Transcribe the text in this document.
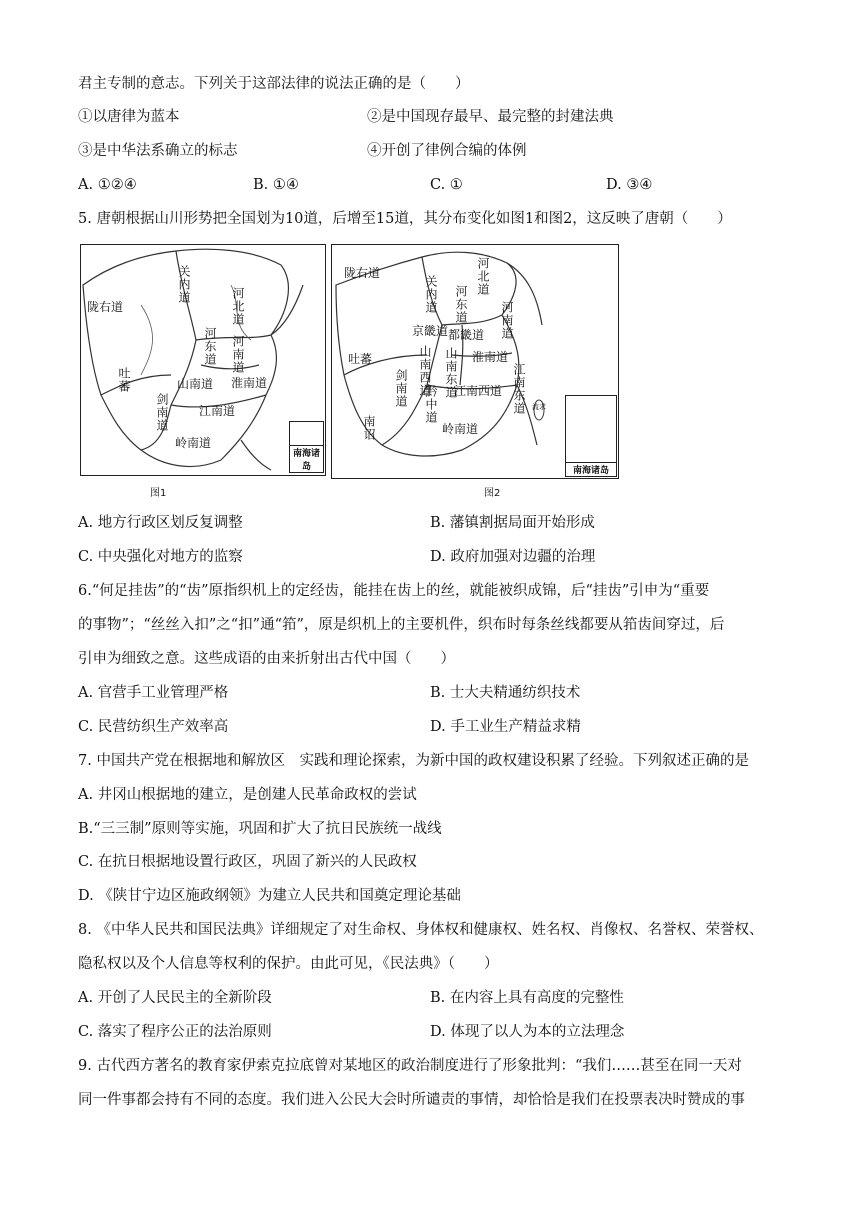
君主专制的意志。下列关于这部法律的说法正确的是（　　）
①以唐律为蓝本	②是中国现存最早、最完整的封建法典
③是中华法系确立的标志	④开创了律例合编的体例
A. ①②④	B. ①④	C. ①	D. ③④
5. 唐朝根据山川形势把全国划为10道，后增至15道，其分布变化如图1和图2，这反映了唐朝（　　）
关内道
陇右道
吐蕃
河北道
河东道 河南道
淮南道
山南道
剑南道	江南道
岭南道
南海诸岛
图1
陇右道	河北道
关内道 河东道	河南道
京畿道 都畿道
山南西道 山南东道 淮南道
吐蕃
剑南道 黔中道 江南西道 江南东道
岭南道
南诏
流求
南海诸岛
图2
A. 地方行政区划反复调整	B. 藩镇割据局面开始形成
C. 中央强化对地方的监察	D. 政府加强对边疆的治理
6.“何足挂齿”的“齿”原指织机上的定经齿，能挂在齿上的丝，就能被织成锦，后“挂齿”引申为“重要
的事物”；“丝丝入扣”之“扣”通“筘”，原是织机上的主要机件，织布时每条丝线都要从筘齿间穿过，后
引申为细致之意。这些成语的由来折射出古代中国（　　）
A. 官营手工业管理严格	B. 士大夫精通纺织技术
C. 民营纺织生产效率高	D. 手工业生产精益求精
7. 中国共产党在根据地和解放区　实践和理论探索，为新中国的政权建设积累了经验。下列叙述正确的是
A. 井冈山根据地的建立，是创建人民革命政权的尝试
B.“三三制”原则等实施，巩固和扩大了抗日民族统一战线
C. 在抗日根据地设置行政区，巩固了新兴的人民政权
D. 《陕甘宁边区施政纲领》为建立人民共和国奠定理论基础
8. 《中华人民共和国民法典》详细规定了对生命权、身体权和健康权、姓名权、肖像权、名誉权、荣誉权、
隐私权以及个人信息等权利的保护。由此可见，《民法典》（　　）
A. 开创了人民民主的全新阶段	B. 在内容上具有高度的完整性
C. 落实了程序公正的法治原则	D. 体现了以人为本的立法理念
9. 古代西方著名的教育家伊索克拉底曾对某地区的政治制度进行了形象批判：“我们……甚至在同一天对
同一件事都会持有不同的态度。我们进入公民大会时所谴责的事情，却恰恰是我们在投票表决时赞成的事
